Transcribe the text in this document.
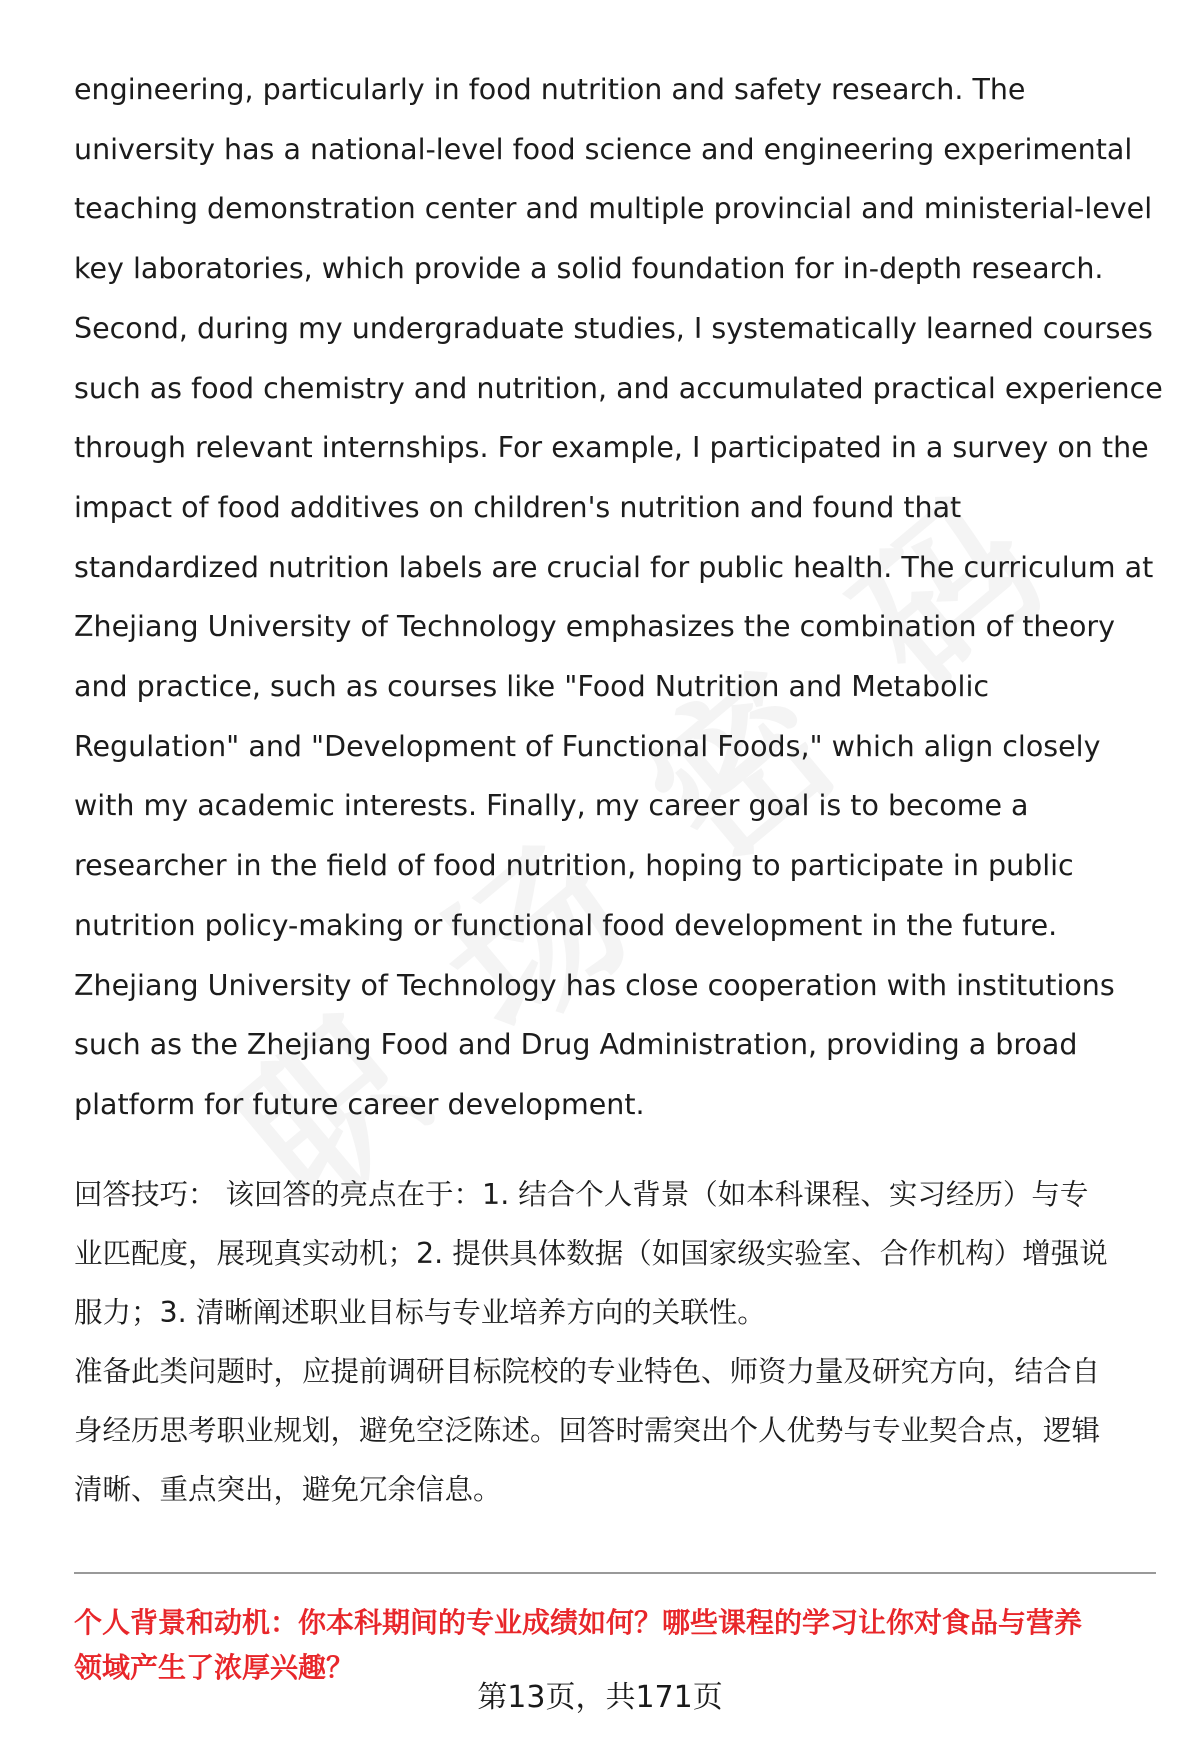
engineering, particularly in food nutrition and safety research. The
university has a national-level food science and engineering experimental
teaching demonstration center and multiple provincial and ministerial-level
key laboratories, which provide a solid foundation for in-depth research.
Second, during my undergraduate studies, I systematically learned courses
such as food chemistry and nutrition, and accumulated practical experience
through relevant internships. For example, I participated in a survey on the
impact of food additives on children's nutrition and found that
standardized nutrition labels are crucial for public health. The curriculum at
Zhejiang University of Technology emphasizes the combination of theory
and practice, such as courses like "Food Nutrition and Metabolic
Regulation" and "Development of Functional Foods," which align closely
with my academic interests. Finally, my career goal is to become a
researcher in the field of food nutrition, hoping to participate in public
nutrition policy-making or functional food development in the future.
Zhejiang University of Technology has close cooperation with institutions
such as the Zhejiang Food and Drug Administration, providing a broad
platform for future career development.
回答技巧： 该回答的亮点在于：1. 结合个人背景（如本科课程、实习经历）与专
业匹配度，展现真实动机；2. 提供具体数据（如国家级实验室、合作机构）增强说
服力；3. 清晰阐述职业目标与专业培养方向的关联性。
准备此类问题时，应提前调研目标院校的专业特色、师资力量及研究方向，结合自
身经历思考职业规划，避免空泛陈述。回答时需突出个人优势与专业契合点，逻辑
清晰、重点突出，避免冗余信息。
个人背景和动机：你本科期间的专业成绩如何？哪些课程的学习让你对食品与营养
领域产生了浓厚兴趣？
第13页，共171页
